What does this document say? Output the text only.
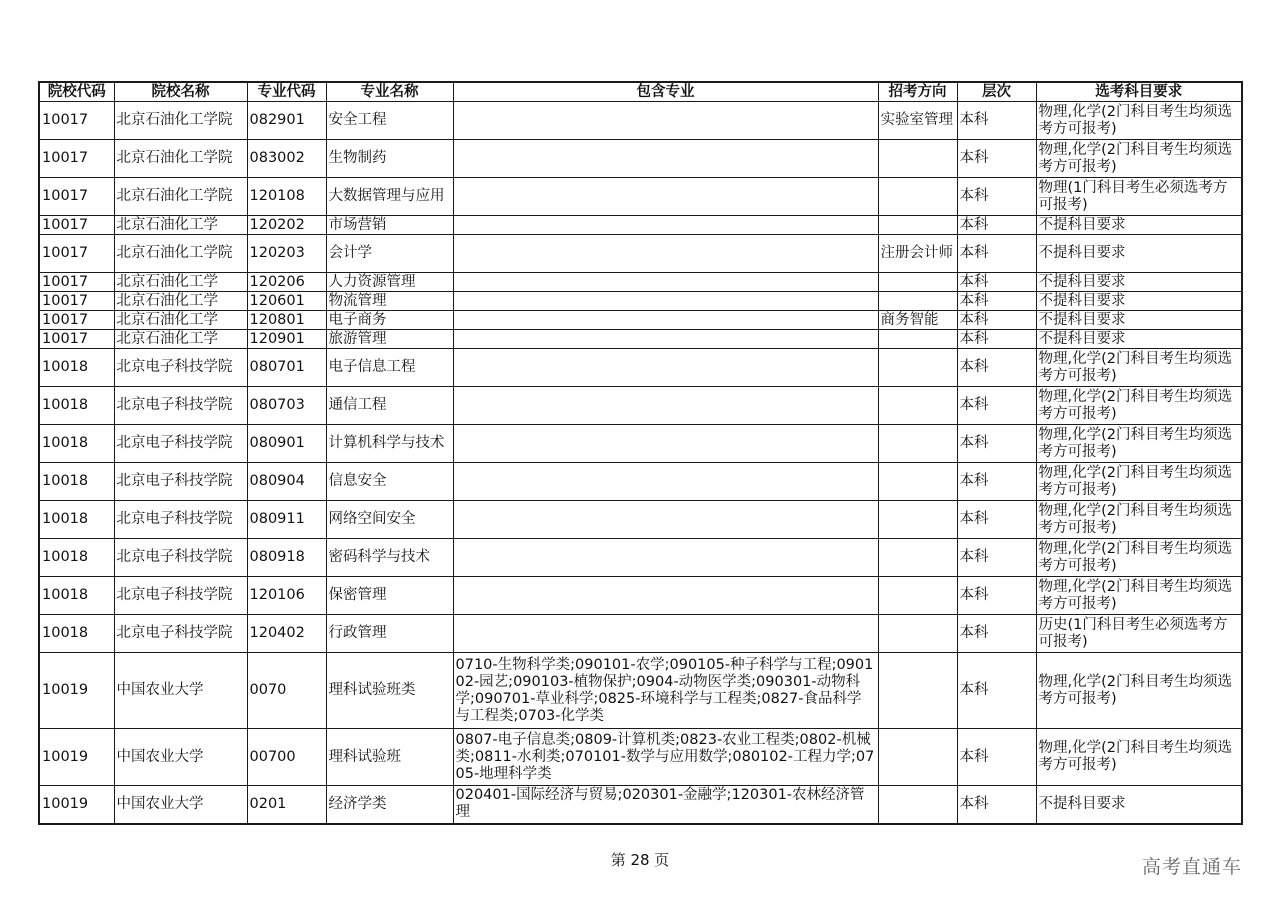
院校代码	院校名称	专业代码	专业名称	包含专业	招考方向	层次	选考科目要求
10017	北京石油化工学院	082901	安全工程		实验室管理	本科	物理,化学(2门科目考生均须选考方可报考)
10017	北京石油化工学院	083002	生物制药			本科	物理,化学(2门科目考生均须选考方可报考)
10017	北京石油化工学院	120108	大数据管理与应用			本科	物理(1门科目考生必须选考方可报考)
10017	北京石油化工学	120202	市场营销			本科	不提科目要求
10017	北京石油化工学院	120203	会计学		注册会计师	本科	不提科目要求
10017	北京石油化工学	120206	人力资源管理			本科	不提科目要求
10017	北京石油化工学	120601	物流管理			本科	不提科目要求
10017	北京石油化工学	120801	电子商务		商务智能	本科	不提科目要求
10017	北京石油化工学	120901	旅游管理			本科	不提科目要求
10018	北京电子科技学院	080701	电子信息工程			本科	物理,化学(2门科目考生均须选考方可报考)
10018	北京电子科技学院	080703	通信工程			本科	物理,化学(2门科目考生均须选考方可报考)
10018	北京电子科技学院	080901	计算机科学与技术			本科	物理,化学(2门科目考生均须选考方可报考)
10018	北京电子科技学院	080904	信息安全			本科	物理,化学(2门科目考生均须选考方可报考)
10018	北京电子科技学院	080911	网络空间安全			本科	物理,化学(2门科目考生均须选考方可报考)
10018	北京电子科技学院	080918	密码科学与技术			本科	物理,化学(2门科目考生均须选考方可报考)
10018	北京电子科技学院	120106	保密管理			本科	物理,化学(2门科目考生均须选考方可报考)
10018	北京电子科技学院	120402	行政管理			本科	历史(1门科目考生必须选考方可报考)
10019	中国农业大学	0070	理科试验班类	0710-生物科学类;090101-农学;090105-种子科学与工程;090102-园艺;090103-植物保护;0904-动物医学类;090301-动物科学;090701-草业科学;0825-环境科学与工程类;0827-食品科学与工程类;0703-化学类		本科	物理,化学(2门科目考生均须选考方可报考)
10019	中国农业大学	00700	理科试验班	0807-电子信息类;0809-计算机类;0823-农业工程类;0802-机械类;0811-水利类;070101-数学与应用数学;080102-工程力学;0705-地理科学类		本科	物理,化学(2门科目考生均须选考方可报考)
10019	中国农业大学	0201	经济学类	020401-国际经济与贸易;020301-金融学;120301-农林经济管理		本科	不提科目要求
第 28 页	高考直通车
